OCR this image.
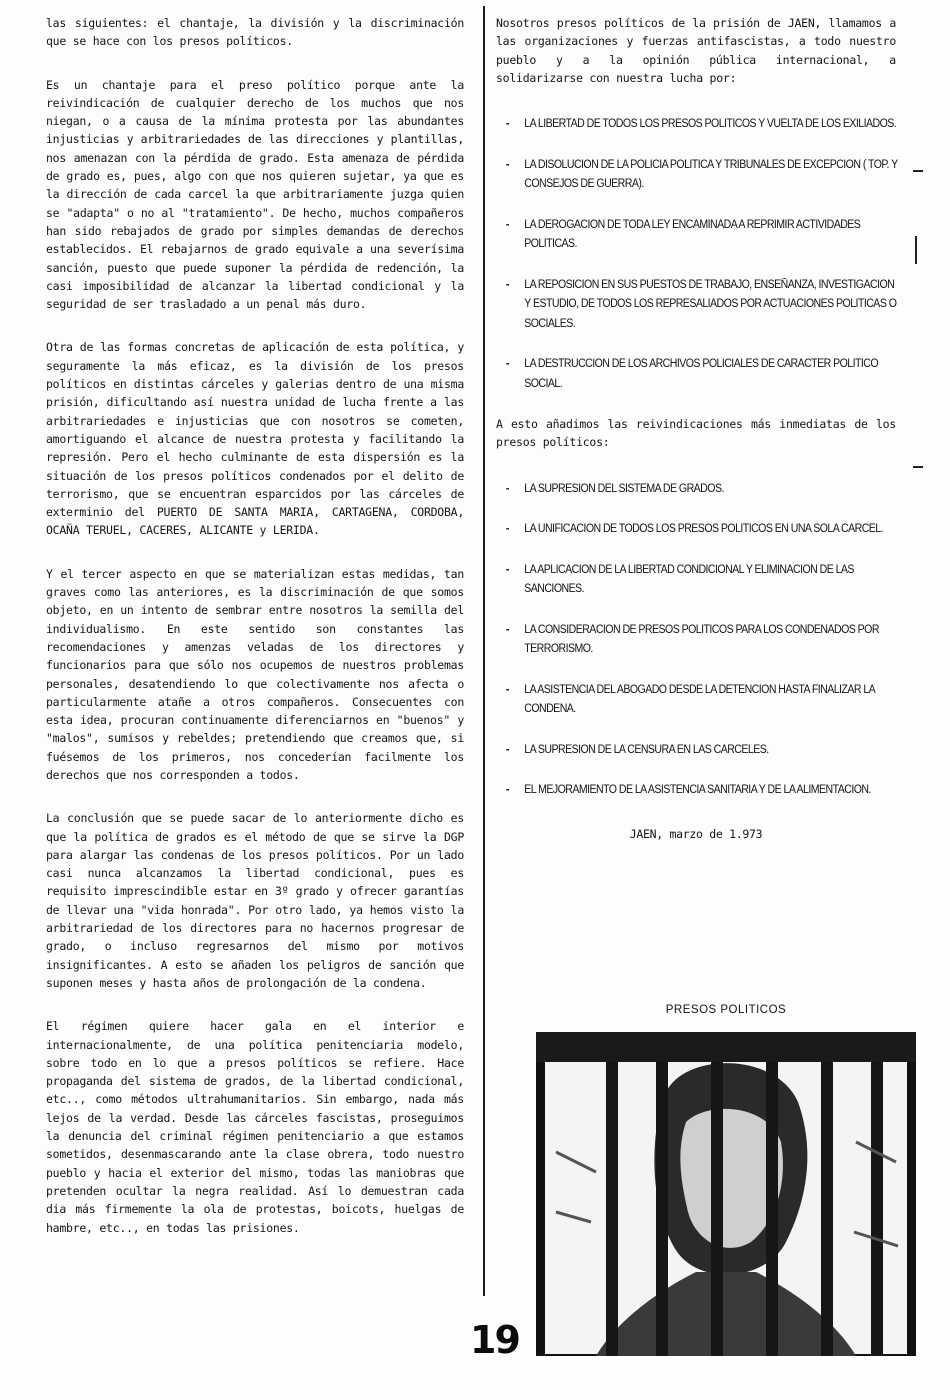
las siguientes: el chantaje, la división y la discriminación que se hace con los presos políticos.

Es un chantaje para el preso político porque ante la reivindicación de cualquier derecho de los muchos que nos niegan, o a causa de la mínima protesta por las abundantes injusticias y arbitrariedades de las direcciones y plantillas, nos amenazan con la pérdida de grado. Esta amenaza de pérdida de grado es, pues, algo con que nos quieren sujetar, ya que es la dirección de cada carcel la que arbitrariamente juzga quien se "adapta" o no al "tratamiento". De hecho, muchos compañeros han sido rebajados de grado por simples demandas de derechos establecidos. El rebajarnos de grado equivale a una severísima sanción, puesto que puede suponer la pérdida de redención, la casi imposibilidad de alcanzar la libertad condicional y la seguridad de ser trasladado a un penal más duro.

Otra de las formas concretas de aplicación de esta política, y seguramente la más eficaz, es la división de los presos políticos en distintas cárceles y galerias dentro de una misma prisión, dificultando así nuestra unidad de lucha frente a las arbitrariedades e injusticias que con nosotros se cometen, amortiguando el alcance de nuestra protesta y facilitando la represión. Pero el hecho culminante de esta dispersión es la situación de los presos políticos condenados por el delito de terrorismo, que se encuentran esparcidos por las cárceles de exterminio del PUERTO DE SANTA MARIA, CARTAGENA, CORDOBA, OCAÑA TERUEL, CACERES, ALICANTE y LERIDA.

Y el tercer aspecto en que se materializan estas medidas, tan graves como las anteriores, es la discriminación de que somos objeto, en un intento de sembrar entre nosotros la semilla del individualismo. En este sentido son constantes las recomendaciones y amenzas veladas de los directores y funcionarios para que sólo nos ocupemos de nuestros problemas personales, desatendiendo lo que colectivamente nos afecta o particularmente atañe a otros compañeros. Consecuentes con esta idea, procuran continuamente diferenciarnos en "buenos" y "malos", sumisos y rebeldes; pretendiendo que creamos que, si fuésemos de los primeros, nos concederían facilmente los derechos que nos corresponden a todos.

La conclusión que se puede sacar de lo anteriormente dicho es que la política de grados es el método de que se sirve la DGP para alargar las condenas de los presos políticos. Por un lado casi nunca alcanzamos la libertad condicional, pues es requisito imprescindible estar en 3º grado y ofrecer garantías de llevar una "vida honrada". Por otro lado, ya hemos visto la arbitrariedad de los directores para no hacernos progresar de grado, o incluso regresarnos del mismo por motivos insignificantes. A esto se añaden los peligros de sanción que suponen meses y hasta años de prolongación de la condena.

El régimen quiere hacer gala en el interior e internacionalmente, de una política penitenciaria modelo, sobre todo en lo que a presos políticos se refiere. Hace propaganda del sistema de grados, de la libertad condicional, etc.., como métodos ultrahumanitarios. Sin embargo, nada más lejos de la verdad. Desde las cárceles fascistas, proseguimos la denuncia del criminal régimen penitenciario a que estamos sometidos, desenmascarando ante la clase obrera, todo nuestro pueblo y hacia el exterior del mismo, todas las maniobras que pretenden ocultar la negra realidad. Así lo demuestran cada dia más firmemente la ola de protestas, boicots, huelgas de hambre, etc.., en todas las prisiones.

Nosotros presos políticos de la prisión de JAEN, llamamos a las organizaciones y fuerzas antifascistas, a todo nuestro pueblo y a la opinión pública internacional, a solidarizarse con nuestra lucha por:

- LA LIBERTAD DE TODOS LOS PRESOS POLITICOS Y VUELTA DE LOS EXILIADOS.
- LA DISOLUCION DE LA POLICIA POLITICA Y TRIBUNALES DE EXCEPCION ( TOP. Y CONSEJOS DE GUERRA).
- LA DEROGACION DE TODA LEY ENCAMINADA A REPRIMIR ACTIVIDADES POLITICAS.
- LA REPOSICION EN SUS PUESTOS DE TRABAJO, ENSEÑANZA, INVESTIGACION Y ESTUDIO, DE TODOS LOS REPRESALIADOS POR ACTUACIONES POLITICAS O SOCIALES.
- LA DESTRUCCION DE LOS ARCHIVOS POLICIALES DE CARACTER POLITICO SOCIAL.

A esto añadimos las reivindicaciones más inmediatas de los presos políticos:

- LA SUPRESION DEL SISTEMA DE GRADOS.
- LA UNIFICACION DE TODOS LOS PRESOS POLITICOS EN UNA SOLA CARCEL.
- LA APLICACION DE LA LIBERTAD CONDICIONAL Y ELIMINACION DE LAS SANCIONES.
- LA CONSIDERACION DE PRESOS POLITICOS PARA LOS CONDENADOS POR TERRORISMO.
- LA ASISTENCIA DEL ABOGADO DESDE LA DETENCION HASTA FINALIZAR LA CONDENA.
- LA SUPRESION DE LA CENSURA EN LAS CARCELES.
- EL MEJORAMIENTO DE LA ASISTENCIA SANITARIA Y DE LA ALIMENTACION.

JAEN, marzo de 1.973

PRESOS POLITICOS
19
